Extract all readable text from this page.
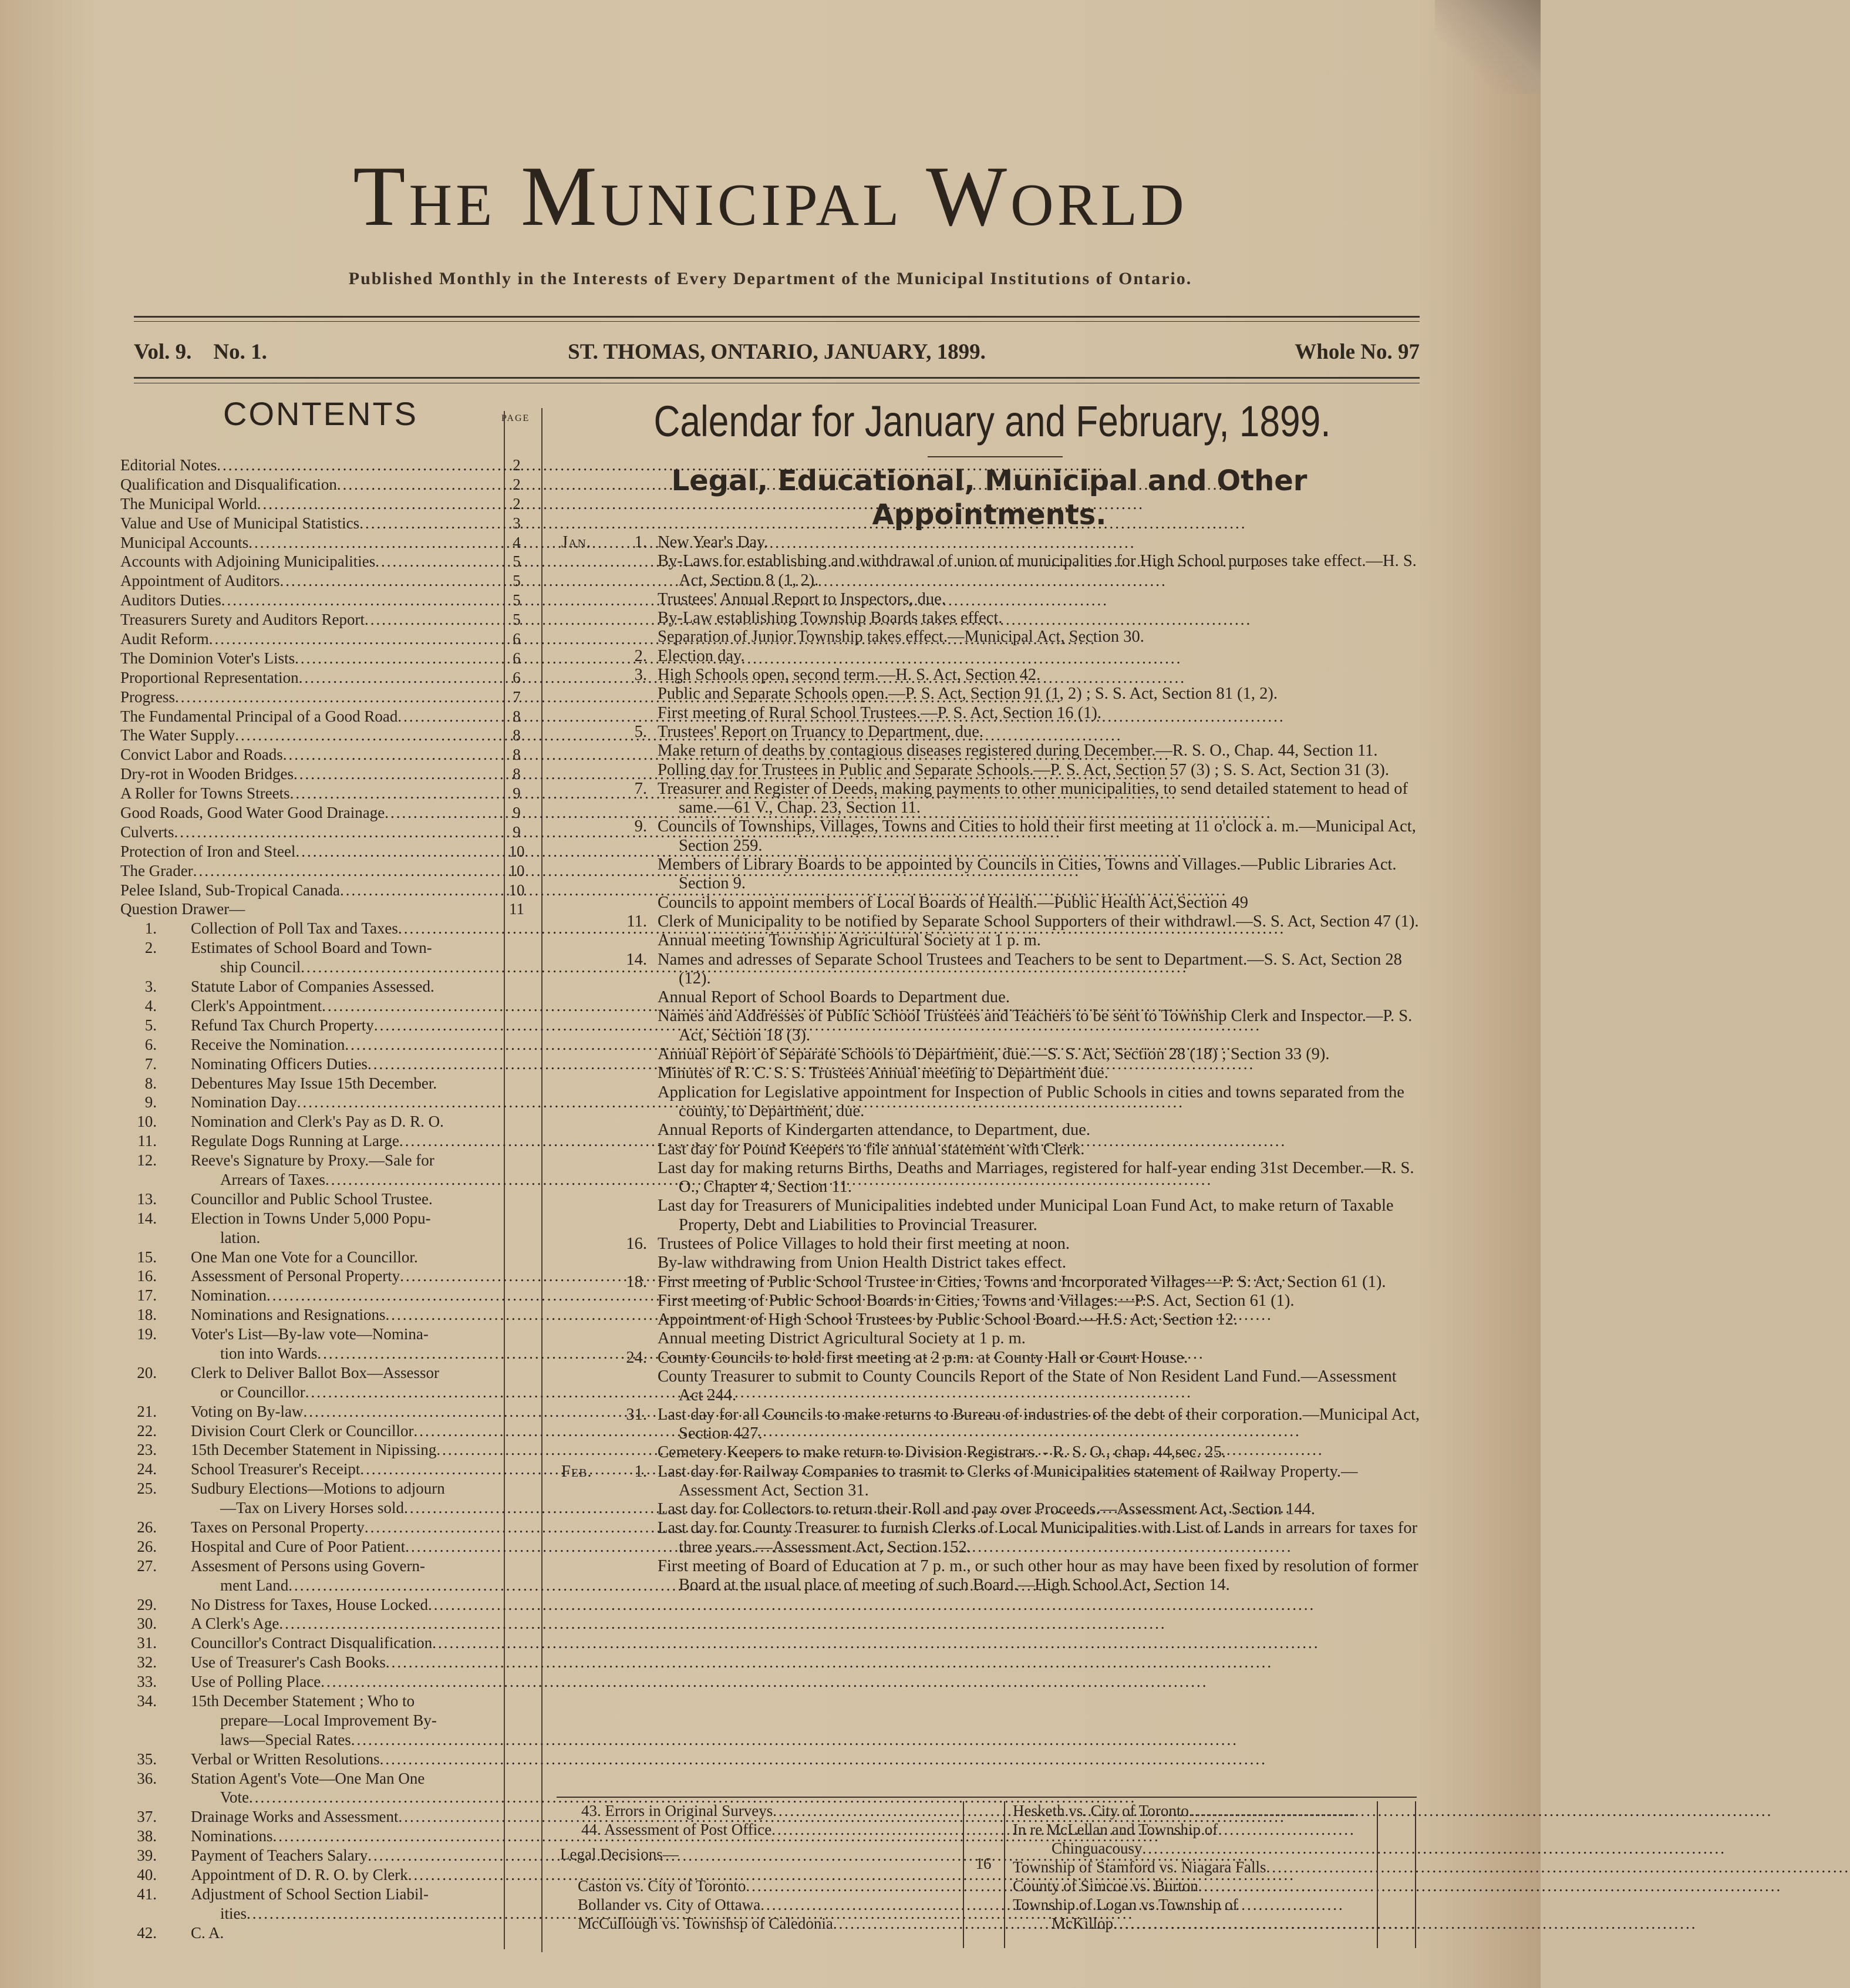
The Municipal World
Published Monthly in the Interests of Every Department of the Municipal Institutions of Ontario.
Vol. 9. No. 1.	ST. THOMAS, ONTARIO, JANUARY, 1899.	Whole No. 97
CONTENTS	PAGE
Editorial Notes .....	2
Qualification and Disqualification .....	2
The Municipal World .....	2
Value and Use of Municipal Statistics .....	3
Municipal Accounts .....	4
Accounts with Adjoining Municipalities .....	5
Appointment of Auditors .....	5
Auditors Duties .....	5
Treasurers Surety and Auditors Report .....	5
Audit Reform .....	6
The Dominion Voter's Lists .....	6
Proportional Representation .....	6
Progress .....	7
The Fundamental Principal of a Good Road .....	8
The Water Supply .....	8
Convict Labor and Roads .....	8
Dry-rot in Wooden Bridges .....	8
A Roller for Towns Streets .....	9
Good Roads, Good Water Good Drainage .....	9
Culverts .....	9
Protection of Iron and Steel .....	10
The Grader .....	10
Pelee Island, Sub-Tropical Canada .....	10
Question Drawer—	11
1. Collection of Poll Tax and Taxes
.....
2. Estimates of School Board and Town-
ship Council
.....
3. Statute Labor of Companies Assessed.
4. Clerk's Appointment
.....
5. Refund Tax Church Property
.....
6. Receive the Nomination
.....
7. Nominating Officers Duties
.....
8. Debentures May Issue 15th December.
9. Nomination Day
.....
10. Nomination and Clerk's Pay as D. R. O.
11. Regulate Dogs Running at Large
.....
12. Reeve's Signature by Proxy.—Sale for
Arrears of Taxes
.....
13. Councillor and Public School Trustee.
14. Election in Towns Under 5,000 Popu-
lation.
15. One Man one Vote for a Councillor.
16. Assessment of Personal Property
.....
17. Nomination
.....
18. Nominations and Resignations
.....
19. Voter's List—By-law vote—Nomina-
tion into Wards
.....
20. Clerk to Deliver Ballot Box—Assessor
or Councillor
.....
21. Voting on By-law
.....
22. Division Court Clerk or Councillor
.....
23. 15th December Statement in Nipissing
.....
24. School Treasurer's Receipt
.....
25. Sudbury Elections—Motions to adjourn
—Tax on Livery Horses sold
.....
26. Taxes on Personal Property
.....
26. Hospital and Cure of Poor Patient
.....
27. Assesment of Persons using Govern-
ment Land
.....
29. No Distress for Taxes, House Locked
.....
30. A Clerk's Age
.....
31. Councillor's Contract Disqualification
.....
32. Use of Treasurer's Cash Books
.....
33. Use of Polling Place
.....
34. 15th December Statement ; Who to
prepare—Local Improvement By-
laws—Special Rates
.....
35. Verbal or Written Resolutions
.....
36. Station Agent's Vote—One Man One
Vote
.....
37. Drainage Works and Assessment
.....
38. Nominations
.....
39. Payment of Teachers Salary
.....
40. Appointment of D. R. O. by Clerk
.....
41. Adjustment of School Section Liabil-
ities
.....
42. C. A.
Calendar for January and February, 1899.
Legal, Educational, Municipal and Other
Appointments.
Jan.	1. New Year's Day.
By-Laws for establishing and withdrawal of union of municipalities for High School purposes take effect.—H. S. Act, Section 8 (1, 2).
Trustees' Annual Report to Inspectors, due.
By-Law establishing Township Boards takes effect.
Separation of Junior Township takes effect.—Municipal Act, Section 30.
2. Election day.
3. High Schools open, second term.—H. S. Act, Section 42.
Public and Separate Schools open.—P. S. Act, Section 91 (1, 2) ; S. S. Act, Section 81 (1, 2).
First meeting of Rural School Trustees.—P. S. Act, Section 16 (1).
5. Trustees' Report on Truancy to Department, due.
Make return of deaths by contagious diseases registered during December.—R. S. O., Chap. 44, Section 11.
Polling day for Trustees in Public and Separate Schools.—P. S. Act, Section 57 (3) ; S. S. Act, Section 31 (3).
7. Treasurer and Register of Deeds, making payments to other municipalities, to send detailed statement to head of same.—61 V., Chap. 23, Section 11.
9. Councils of Townships, Villages, Towns and Cities to hold their first meeting at 11 o'clock a. m.—Municipal Act, Section 259.
Members of Library Boards to be appointed by Councils in Cities, Towns and Villages.—Public Libraries Act. Section 9.
Councils to appoint members of Local Boards of Health.—Public Health Act,Section 49
11. Clerk of Municipality to be notified by Separate School Supporters of their withdrawl.—S. S. Act, Section 47 (1).
Annual meeting Township Agricultural Society at 1 p. m.
14. Names and adresses of Separate School Trustees and Teachers to be sent to Department.—S. S. Act, Section 28 (12).
Annual Report of School Boards to Department due.
Names and Addresses of Public School Trustees and Teachers to be sent to Township Clerk and Inspector.—P. S. Act, Section 18 (3).
Annual Report of Separate Schools to Department, due.—S. S. Act, Section 28 (18) ; Section 33 (9).
Minutes of R. C. S. S. Trustees Annual meeting to Department due.
Application for Legislative appointment for Inspection of Public Schools in cities and towns separated from the county, to Department, due.
Annual Reports of Kindergarten attendance, to Department, due.
Last day for Pound Keepers to file annual statement with Clerk.
Last day for making returns Births, Deaths and Marriages, registered for half-year ending 31st December.—R. S. O., Chapter 4, Section 11.
Last day for Treasurers of Municipalities indebted under Municipal Loan Fund Act, to make return of Taxable Property, Debt and Liabilities to Provincial Treasurer.
16. Trustees of Police Villages to hold their first meeting at noon.
By-law withdrawing from Union Health District takes effect.
18. First meeting of Public School Trustee in Cities, Towns and Incorporated Villages—P. S. Act, Section 61 (1).
First meeting of Public School Boards in Cities, Towns and Villages.—P.S. Act, Section 61 (1).
Appointment of High School Trustees by Public School Board.—H.S. Act, Section 12.
Annual meeting District Agricultural Society at 1 p. m.
24. County Councils to hold first meeting at 2 p.m. at County Hall or Court House.
County Treasurer to submit to County Councils Report of the State of Non Resident Land Fund.—Assessment Act 244.
31. Last day for all Councils to make returns to Bureau of industries of the debt of their corporation.—Municipal Act, Section 427.
Cemetery Keepers to make return to Division Registrars. - R. S. O., chap. 44,sec. 25.
Feb.	1. Last day for Railway Companies to trasmit to Clerks of Municipalities statement of Railway Property.—Assessment Act, Section 31.
Last day for Collectors to return their Roll and pay over Proceeds.—Assessment Act, Section 144.
Last day for County Treasurer to furnish Clerks of Local Municipalities with List of Lands in arrears for taxes for three years.—Assessment Act, Section 152.
First meeting of Board of Education at 7 p. m., or such other hour as may have been fixed by resolution of former Board at the usual place of meeting of such Board.—High School Act, Section 14.
43. Errors in Original Surveys
.....
44. Assessment of Post Office
.....
Legal Decisions—
Caston vs. City of Toronto
.....
Bollander vs. City of Ottawa
.....
McCullough vs. Townshsp of Caledonia
.....
16
Hesketh vs. City of Toronto
.....
In re McLellan and Township of
Chinguacousy
.....
Township of Stamford vs. Niagara Falls
.....
County of Simcoe vs. Burton
.....
Township of Logan vs Township of
McKillop
.....
